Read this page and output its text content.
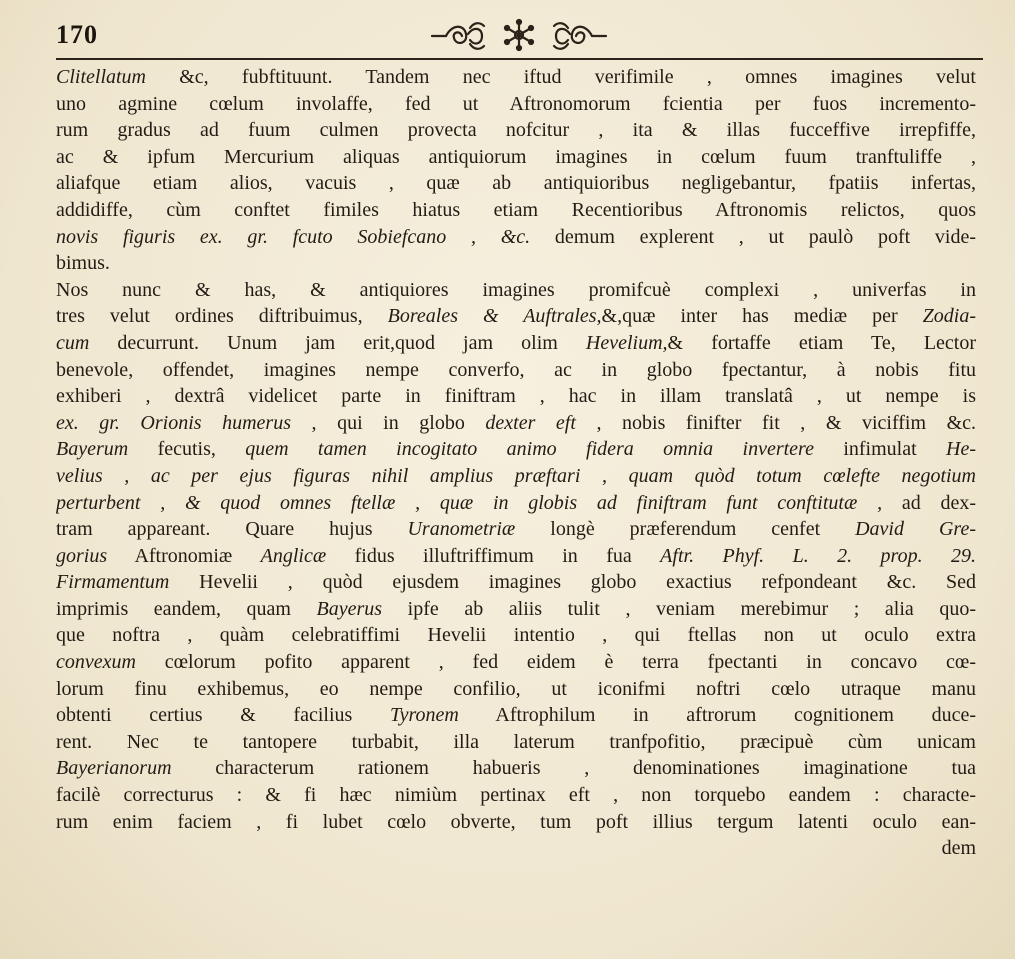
170
Clitellatum &c, fubftituunt. Tandem nec iftud verifimile , omnes imagines velut
uno agmine cœlum involaffe, fed ut Aftronomorum fcientia per fuos incremento-
rum gradus ad fuum culmen provecta nofcitur , ita & illas fucceffive irrepfiffe,
ac & ipfum Mercurium aliquas antiquiorum imagines in cœlum fuum tranftuliffe ,
aliafque etiam alios, vacuis , quæ ab antiquioribus negligebantur, fpatiis infertas,
addidiffe, cùm conftet fimiles hiatus etiam Recentioribus Aftronomis relictos, quos
novis figuris ex. gr. fcuto Sobiefcano , &c. demum explerent , ut paulò poft vide-
bimus.
Nos nunc & has, & antiquiores imagines promifcuè complexi , univerfas in
tres velut ordines diftribuimus, Boreales & Auftrales,&,quæ inter has mediæ per Zodia-
cum decurrunt. Unum jam erit,quod jam olim Hevelium,& fortaffe etiam Te, Lector
benevole, offendet, imagines nempe converfo, ac in globo fpectantur, à nobis fitu
exhiberi , dextrâ videlicet parte in finiftram , hac in illam translatâ , ut nempe is
ex. gr. Orionis humerus , qui in globo dexter eft , nobis finifter fit , & viciffim &c.
Bayerum fecutis, quem tamen incogitato animo fidera omnia invertere infimulat He-
velius , ac per ejus figuras nihil amplius præftari , quam quòd totum cœlefte negotium
perturbent , & quod omnes ftellæ , quæ in globis ad finiftram funt conftitutæ , ad dex-
tram appareant. Quare hujus Uranometriæ longè præferendum cenfet David Gre-
gorius Aftronomiæ Anglicæ fidus illuftriffimum in fua Aftr. Phyf. L. 2. prop. 29.
Firmamentum Hevelii , quòd ejusdem imagines globo exactius refpondeant &c. Sed
imprimis eandem, quam Bayerus ipfe ab aliis tulit , veniam merebimur ; alia quo-
que noftra , quàm celebratiffimi Hevelii intentio , qui ftellas non ut oculo extra
convexum cœlorum pofito apparent , fed eidem è terra fpectanti in concavo cœ-
lorum finu exhibemus, eo nempe confilio, ut iconifmi noftri cœlo utraque manu
obtenti certius & facilius Tyronem Aftrophilum in aftrorum cognitionem duce-
rent. Nec te tantopere turbabit, illa laterum tranfpofitio, præcipuè cùm unicam
Bayerianorum characterum rationem habueris , denominationes imaginatione tua
facilè correcturus : & fi hæc nimiùm pertinax eft , non torquebo eandem : characte-
rum enim faciem , fi lubet cœlo obverte, tum poft illius tergum latenti oculo ean-
dem
